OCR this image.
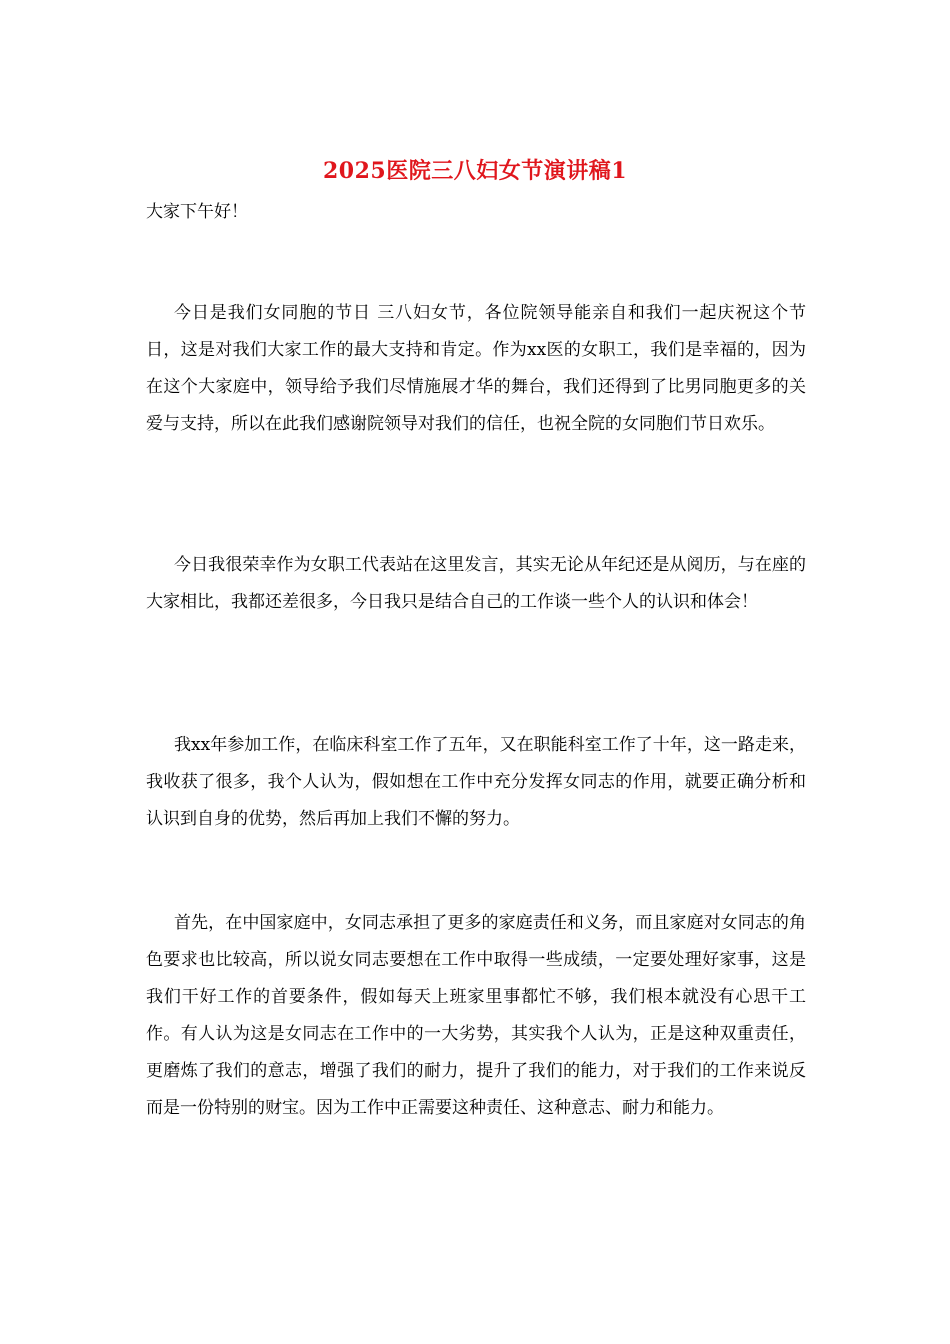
2025医院三八妇女节演讲稿1
大家下午好！

今日是我们女同胞的节日 三八妇女节，各位院领导能亲自和我们一起庆祝这个节日，这是对我们大家工作的最大支持和肯定。作为xx医的女职工，我们是幸福的，因为在这个大家庭中，领导给予我们尽情施展才华的舞台，我们还得到了比男同胞更多的关爱与支持，所以在此我们感谢院领导对我们的信任，也祝全院的女同胞们节日欢乐。

今日我很荣幸作为女职工代表站在这里发言，其实无论从年纪还是从阅历，与在座的大家相比，我都还差很多，今日我只是结合自己的工作谈一些个人的认识和体会！

我xx年参加工作，在临床科室工作了五年，又在职能科室工作了十年，这一路走来，我收获了很多，我个人认为，假如想在工作中充分发挥女同志的作用，就要正确分析和认识到自身的优势，然后再加上我们不懈的努力。

首先，在中国家庭中，女同志承担了更多的家庭责任和义务，而且家庭对女同志的角色要求也比较高，所以说女同志要想在工作中取得一些成绩，一定要处理好家事，这是我们干好工作的首要条件，假如每天上班家里事都忙不够，我们根本就没有心思干工作。有人认为这是女同志在工作中的一大劣势，其实我个人认为，正是这种双重责任，更磨炼了我们的意志，增强了我们的耐力，提升了我们的能力，对于我们的工作来说反而是一份特别的财宝。因为工作中正需要这种责任、这种意志、耐力和能力。
